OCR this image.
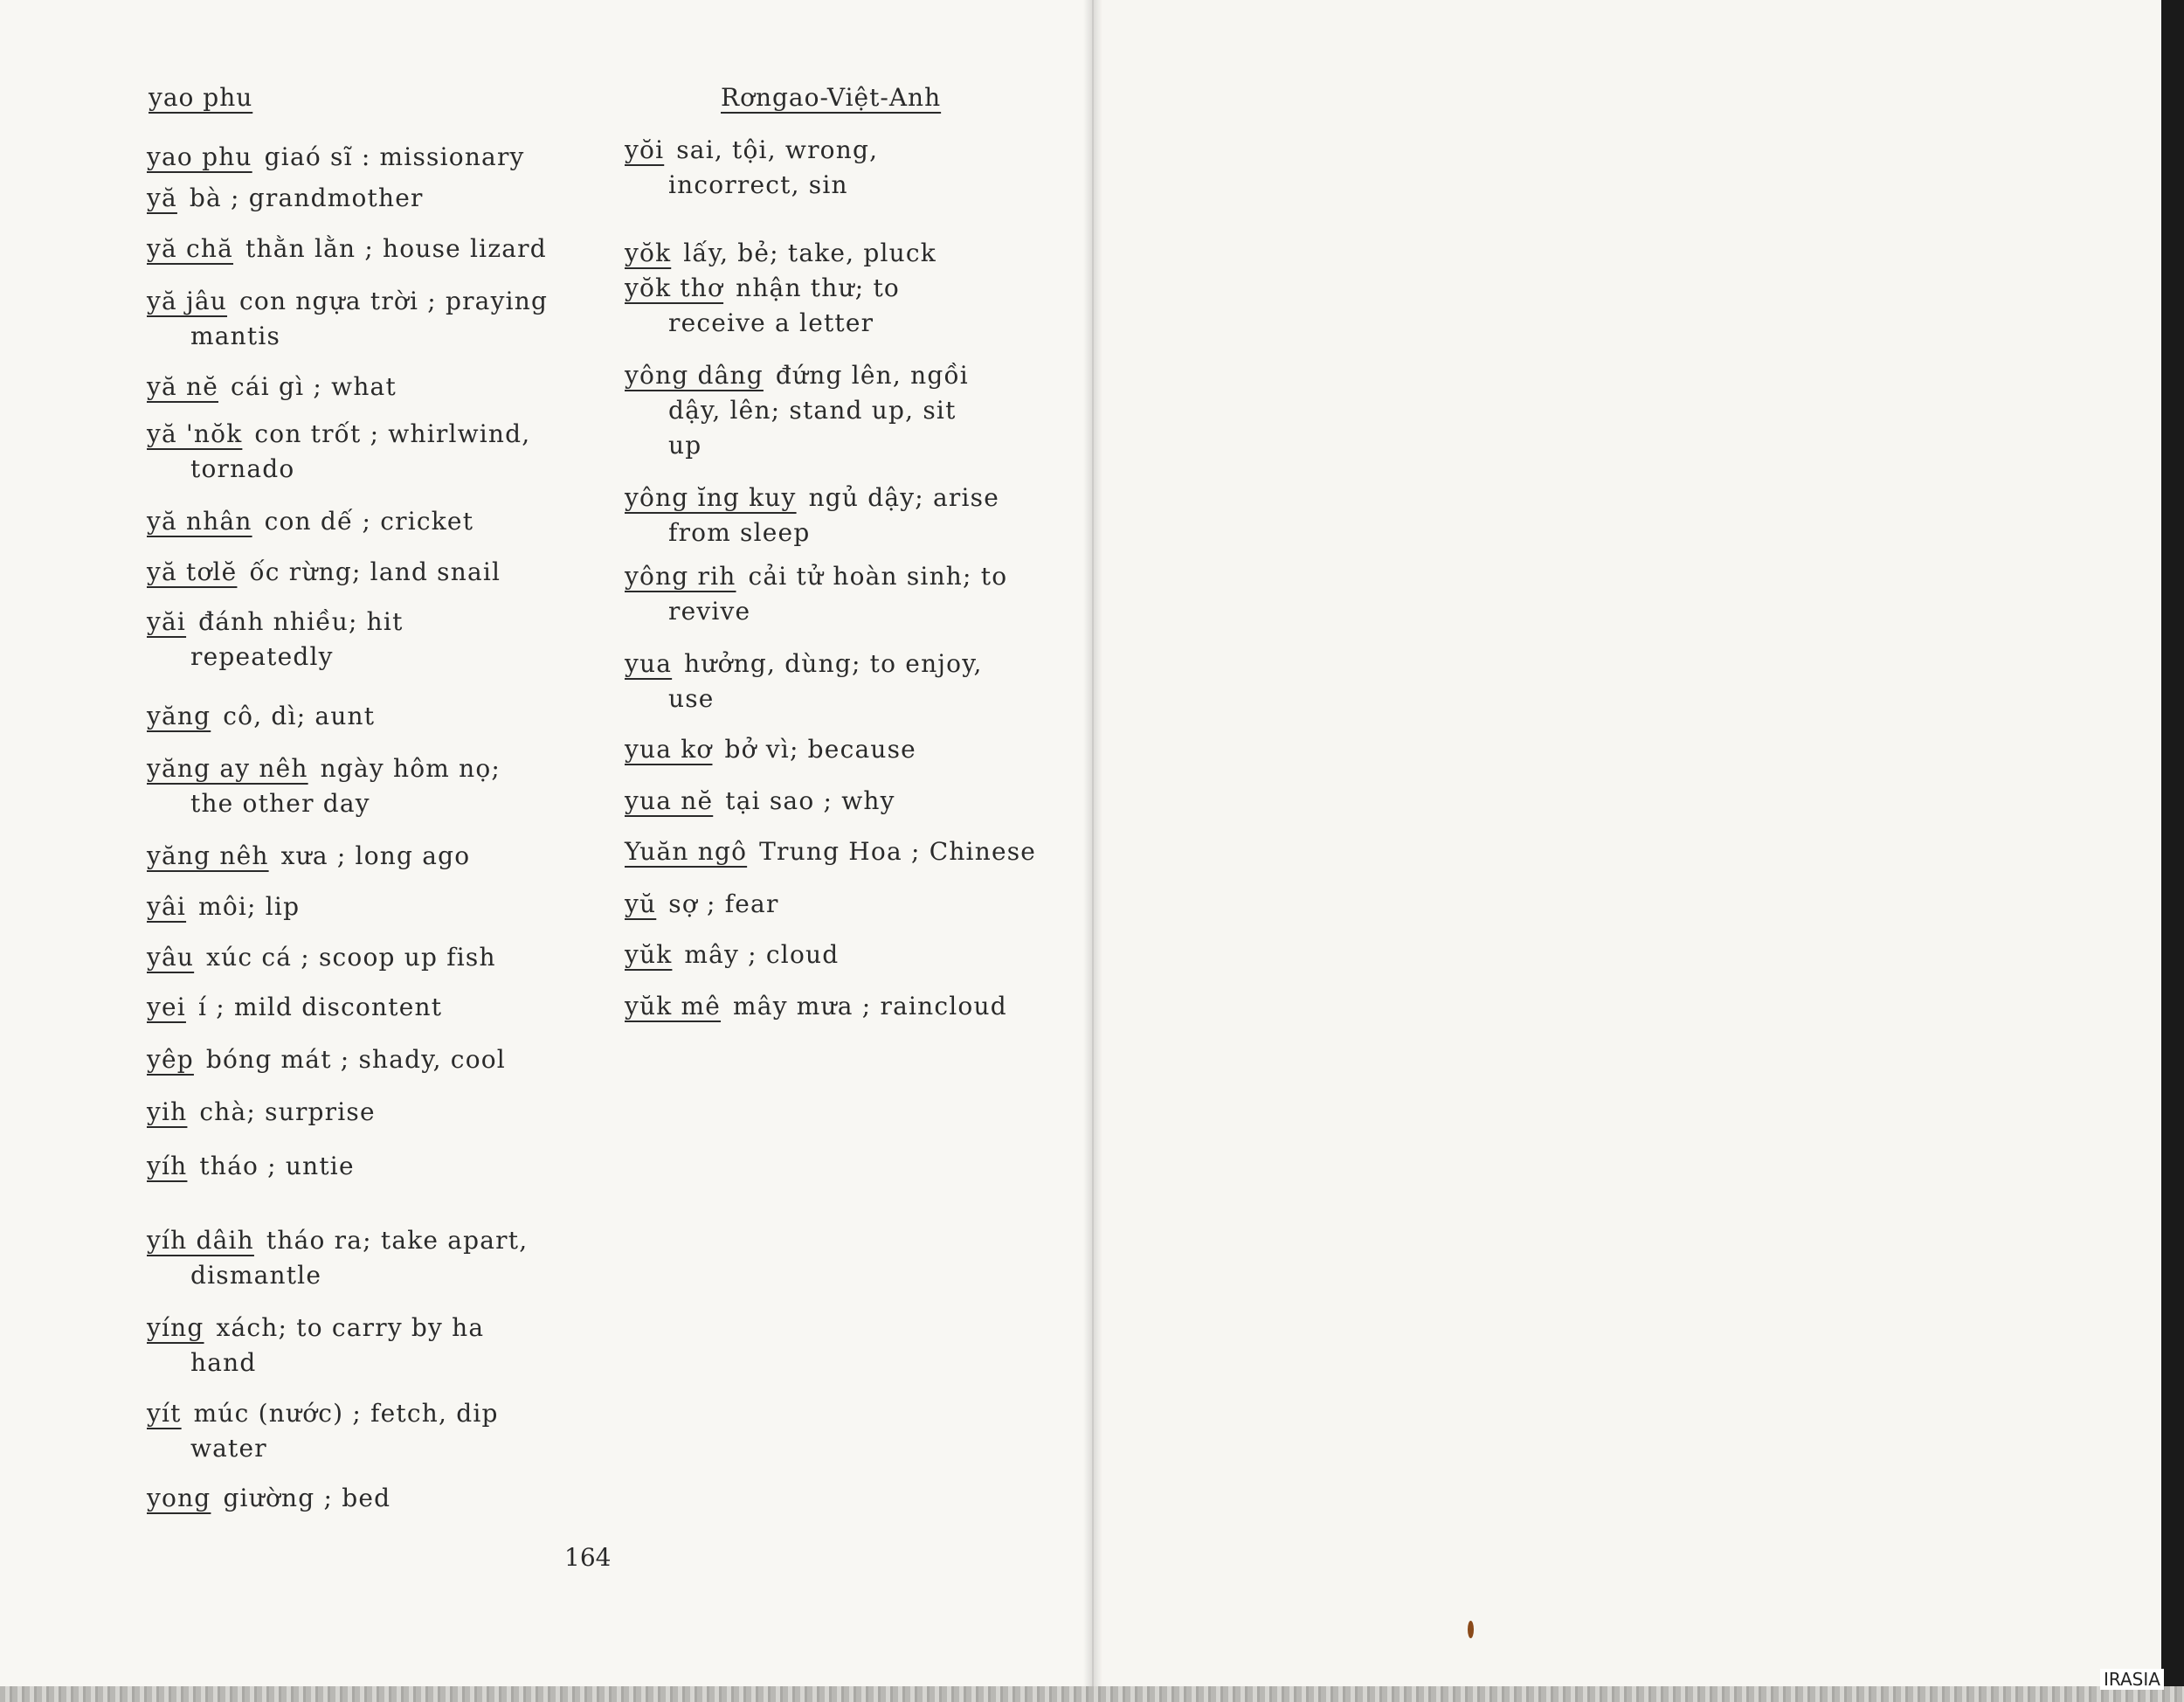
yao phu	Rơngao-Việt-Anh
yao phu giaó sĩ : missionary
yă bà ; grandmother
yă chă thằn lằn ; house lizard
yă jâu con ngựa trời ; praying
mantis
yă nĕ cái gì ; what
yă 'nŏk con trốt ; whirlwind,
tornado
yă nhân con dế ; cricket
yă tơlĕ ốc rừng; land snail
yăi đánh nhiều; hit
repeatedly
yăng cô, dì; aunt
yăng ay nêh ngày hôm nọ;
the other day
yăng nêh xưa ; long ago
yâi môi; lip
yâu xúc cá ; scoop up fish
yei í ; mild discontent
yêp bóng mát ; shady, cool
yih chà; surprise
yíh tháo ; untie
yíh dâih tháo ra; take apart,
dismantle
yíng xách; to carry by ha
hand
yít múc (nước) ; fetch, dip
water
yong giường ; bed
yŏi sai, tội, wrong,
incorrect, sin
yŏk lấy, bẻ; take, pluck
yŏk thơ nhận thư; to
receive a letter
yông dâng đứng lên, ngồi
dậy, lên; stand up, sit
up
yông ĭng kuy ngủ dậy; arise
from sleep
yông rih cải tử hoàn sinh; to
revive
yua hưởng, dùng; to enjoy,
use
yua kơ bở vì; because
yua nĕ tại sao ; why
Yuăn ngô Trung Hoa ; Chinese
yŭ sợ ; fear
yŭk mây ; cloud
yŭk mê mây mưa ; raincloud
164
IRASIA
